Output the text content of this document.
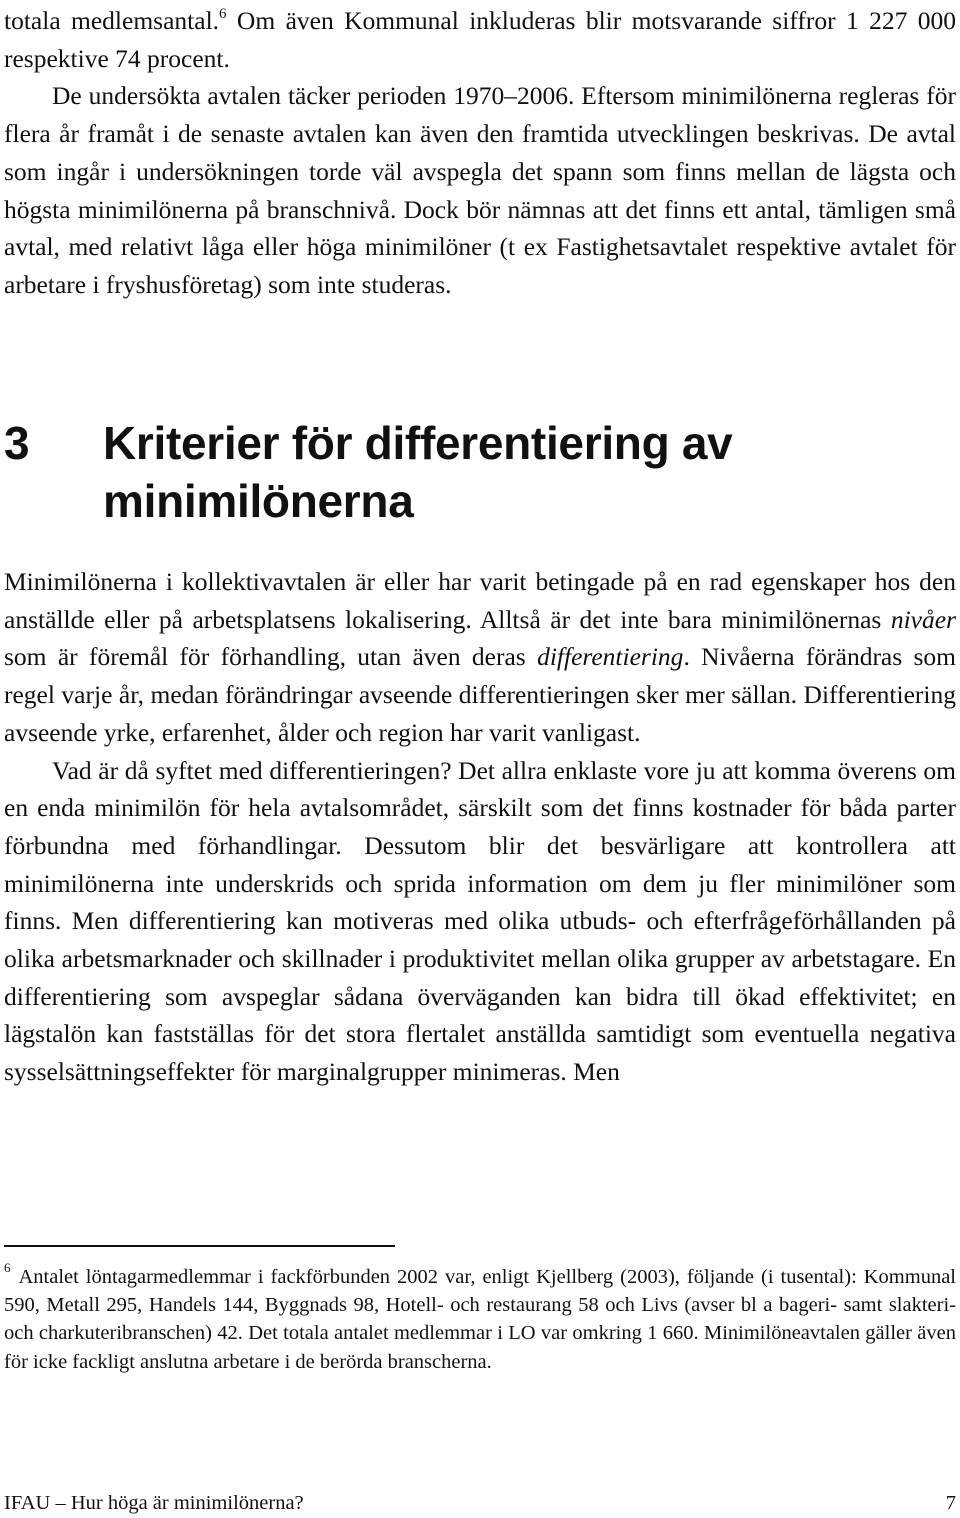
totala medlemsantal.$^6$ Om även Kommunal inkluderas blir motsvarande siffror 1 227 000 respektive 74 procent.

De undersökta avtalen täcker perioden 1970–2006. Eftersom minimilönerna regleras för flera år framåt i de senaste avtalen kan även den framtida utvecklingen beskrivas. De avtal som ingår i undersökningen torde väl avspegla det spann som finns mellan de lägsta och högsta minimilönerna på branschnivå. Dock bör nämnas att det finns ett antal, tämligen små avtal, med relativt låga eller höga minimilöner (t ex Fastighetsavtalet respektive avtalet för arbetare i fryshusföretag) som inte studeras.

3 Kriterier för differentiering av minimilönerna

Minimilönerna i kollektivavtalen är eller har varit betingade på en rad egenskaper hos den anställde eller på arbetsplatsens lokalisering. Alltså är det inte bara minimilönernas nivåer som är föremål för förhandling, utan även deras differentiering. Nivåerna förändras som regel varje år, medan förändringar avseende differentieringen sker mer sällan. Differentiering avseende yrke, erfarenhet, ålder och region har varit vanligast.

Vad är då syftet med differentieringen? Det allra enklaste vore ju att komma överens om en enda minimilön för hela avtalsområdet, särskilt som det finns kostnader för båda parter förbundna med förhandlingar. Dessutom blir det besvärligare att kontrollera att minimilönerna inte underskrids och sprida information om dem ju fler minimilöner som finns. Men differentiering kan motiveras med olika utbuds- och efterfrågeförhållanden på olika arbetsmarknader och skillnader i produktivitet mellan olika grupper av arbetstagare. En differentiering som avspeglar sådana överväganden kan bidra till ökad effektivitet; en lägstalön kan fastställas för det stora flertalet anställda samtidigt som eventuella negativa sysselsättningseffekter för marginalgrupper minimeras. Men

$^6$ Antalet löntagarmedlemmar i fackförbunden 2002 var, enligt Kjellberg (2003), följande (i tusental): Kommunal 590, Metall 295, Handels 144, Byggnads 98, Hotell- och restaurang 58 och Livs (avser bl a bageri- samt slakteri- och charkuteribranschen) 42. Det totala antalet medlemmar i LO var omkring 1 660. Minimilöneavtalen gäller även för icke fackligt anslutna arbetare i de berörda branscherna.

IFAU – Hur höga är minimilönerna?	7
